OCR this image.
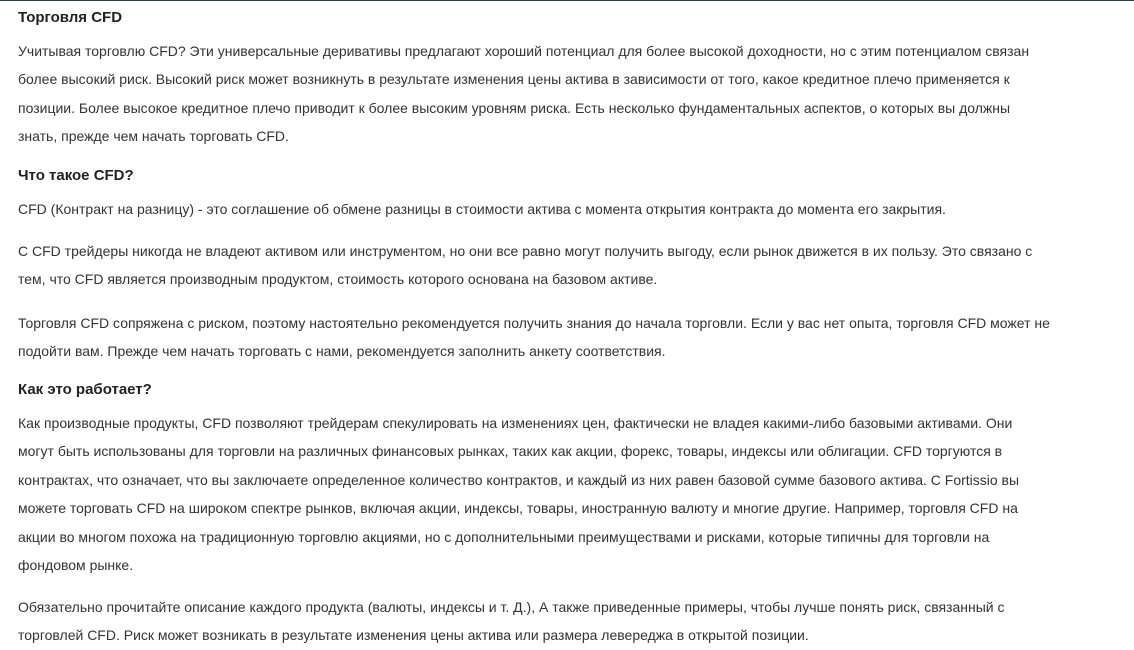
Торговля CFD
Учитывая торговлю CFD? Эти универсальные деривативы предлагают хороший потенциал для более высокой доходности, но с этим потенциалом связан
более высокий риск. Высокий риск может возникнуть в результате изменения цены актива в зависимости от того, какое кредитное плечо применяется к
позиции. Более высокое кредитное плечо приводит к более высоким уровням риска. Есть несколько фундаментальных аспектов, о которых вы должны
знать, прежде чем начать торговать CFD.
Что такое CFD?
CFD (Контракт на разницу) - это соглашение об обмене разницы в стоимости актива с момента открытия контракта до момента его закрытия.
С CFD трейдеры никогда не владеют активом или инструментом, но они все равно могут получить выгоду, если рынок движется в их пользу. Это связано с
тем, что CFD является производным продуктом, стоимость которого основана на базовом активе.
Торговля CFD сопряжена с риском, поэтому настоятельно рекомендуется получить знания до начала торговли. Если у вас нет опыта, торговля CFD может не
подойти вам. Прежде чем начать торговать с нами, рекомендуется заполнить анкету соответствия.
Как это работает?
Как производные продукты, CFD позволяют трейдерам спекулировать на изменениях цен, фактически не владея какими-либо базовыми активами. Они
могут быть использованы для торговли на различных финансовых рынках, таких как акции, форекс, товары, индексы или облигации. CFD торгуются в
контрактах, что означает, что вы заключаете определенное количество контрактов, и каждый из них равен базовой сумме базового актива. С Fortissio вы
можете торговать CFD на широком спектре рынков, включая акции, индексы, товары, иностранную валюту и многие другие. Например, торговля CFD на
акции во многом похожа на традиционную торговлю акциями, но с дополнительными преимуществами и рисками, которые типичны для торговли на
фондовом рынке.
Обязательно прочитайте описание каждого продукта (валюты, индексы и т. Д.), А также приведенные примеры, чтобы лучше понять риск, связанный с
торговлей CFD. Риск может возникать в результате изменения цены актива или размера левереджа в открытой позиции.
